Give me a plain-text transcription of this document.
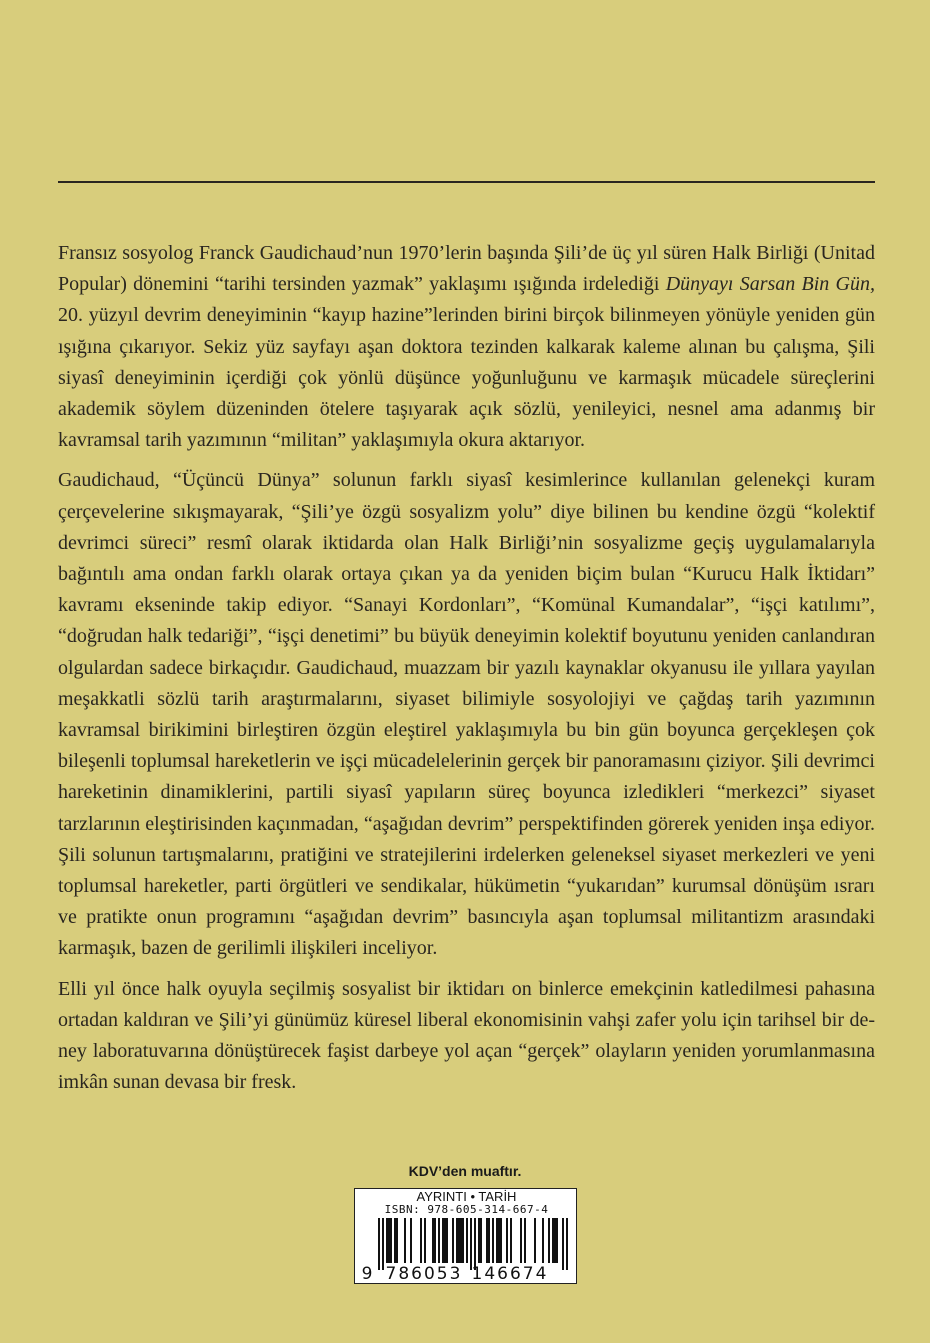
Fransız sosyolog Franck Gaudichaud’nun 1970’lerin başında Şili’de üç yıl süren Halk Birliği (Unitad Popular) dönemini “tarihi tersinden yazmak” yaklaşımı ışığında irdelediği Dünyayı Sarsan Bin Gün, 20. yüzyıl devrim deneyiminin “kayıp hazine”lerinden birini birçok bilinmeyen yönüyle yeniden gün ışığına çıkarıyor. Sekiz yüz sayfayı aşan doktora tezinden kalkarak kaleme alınan bu çalışma, Şili siyasî deneyiminin içerdiği çok yönlü düşünce yoğunluğunu ve karmaşık mücadele süreçlerini akademik söylem düzeninden ötelere taşıyarak açık sözlü, yenileyici, nesnel ama adanmış bir kavramsal tarih yazımının “militan” yaklaşımıyla okura aktarıyor.

Gaudichaud, “Üçüncü Dünya” solunun farklı siyasî kesimlerince kullanılan gelenekçi kuram çerçevelerine sıkışmayarak, “Şili’ye özgü sosyalizm yolu” diye bilinen bu kendine özgü “kolektif devrimci süreci” resmî olarak iktidarda olan Halk Birliği’nin sosyalizme geçiş uygulamalarıyla bağıntılı ama ondan farklı olarak ortaya çıkan ya da yeniden biçim bulan “Kurucu Halk İktidarı” kavramı ekseninde takip ediyor. “Sanayi Kordonları”, “Komünal Kumandalar”, “işçi katılımı”, “doğrudan halk tedariği”, “işçi denetimi” bu büyük deneyimin kolektif boyutunu yeniden canlandıran olgulardan sadece birkaçıdır. Gaudichaud, muazzam bir yazılı kaynaklar okyanusu ile yıllara yayılan meşakkatli sözlü tarih araştırmalarını, siyaset bilimiyle sosyolojiyi ve çağdaş tarih yazımının kavramsal birikimini birleştiren özgün eleştirel yaklaşımıyla bu bin gün boyunca gerçekleşen çok bileşenli toplumsal hareketlerin ve işçi mücadelelerinin gerçek bir panoramasını çiziyor. Şili devrimci hareketinin dinamiklerini, partili siyasî yapıların süreç boyunca izledikleri “merkezci” siyaset tarzlarının eleştirisinden kaçınmadan, “aşağıdan devrim” perspektifinden görerek yeniden inşa ediyor. Şili solunun tartışmalarını, pratiğini ve stratejilerini irdelerken geleneksel siyaset merkezleri ve yeni toplumsal hareketler, parti örgütleri ve sendikalar, hükümetin “yukarıdan” kurumsal dönüşüm ısrarı ve pratikte onun programını “aşağıdan devrim” basıncıyla aşan toplumsal militantizm arasındaki karmaşık, bazen de gerilimli ilişkileri inceliyor.

Elli yıl önce halk oyuyla seçilmiş sosyalist bir iktidarı on binlerce emekçinin katledilmesi pahasına ortadan kaldıran ve Şili’yi günümüz küresel liberal ekonomisinin vahşi zafer yolu için tarihsel bir deney laboratuvarına dönüştürecek faşist darbeye yol açan “gerçek” olayların yeniden yorumlanmasına imkân sunan devasa bir fresk.

KDV’den muaftır.
AYRINTI • TARİH
ISBN: 978-605-314-667-4
9 786053 146674
